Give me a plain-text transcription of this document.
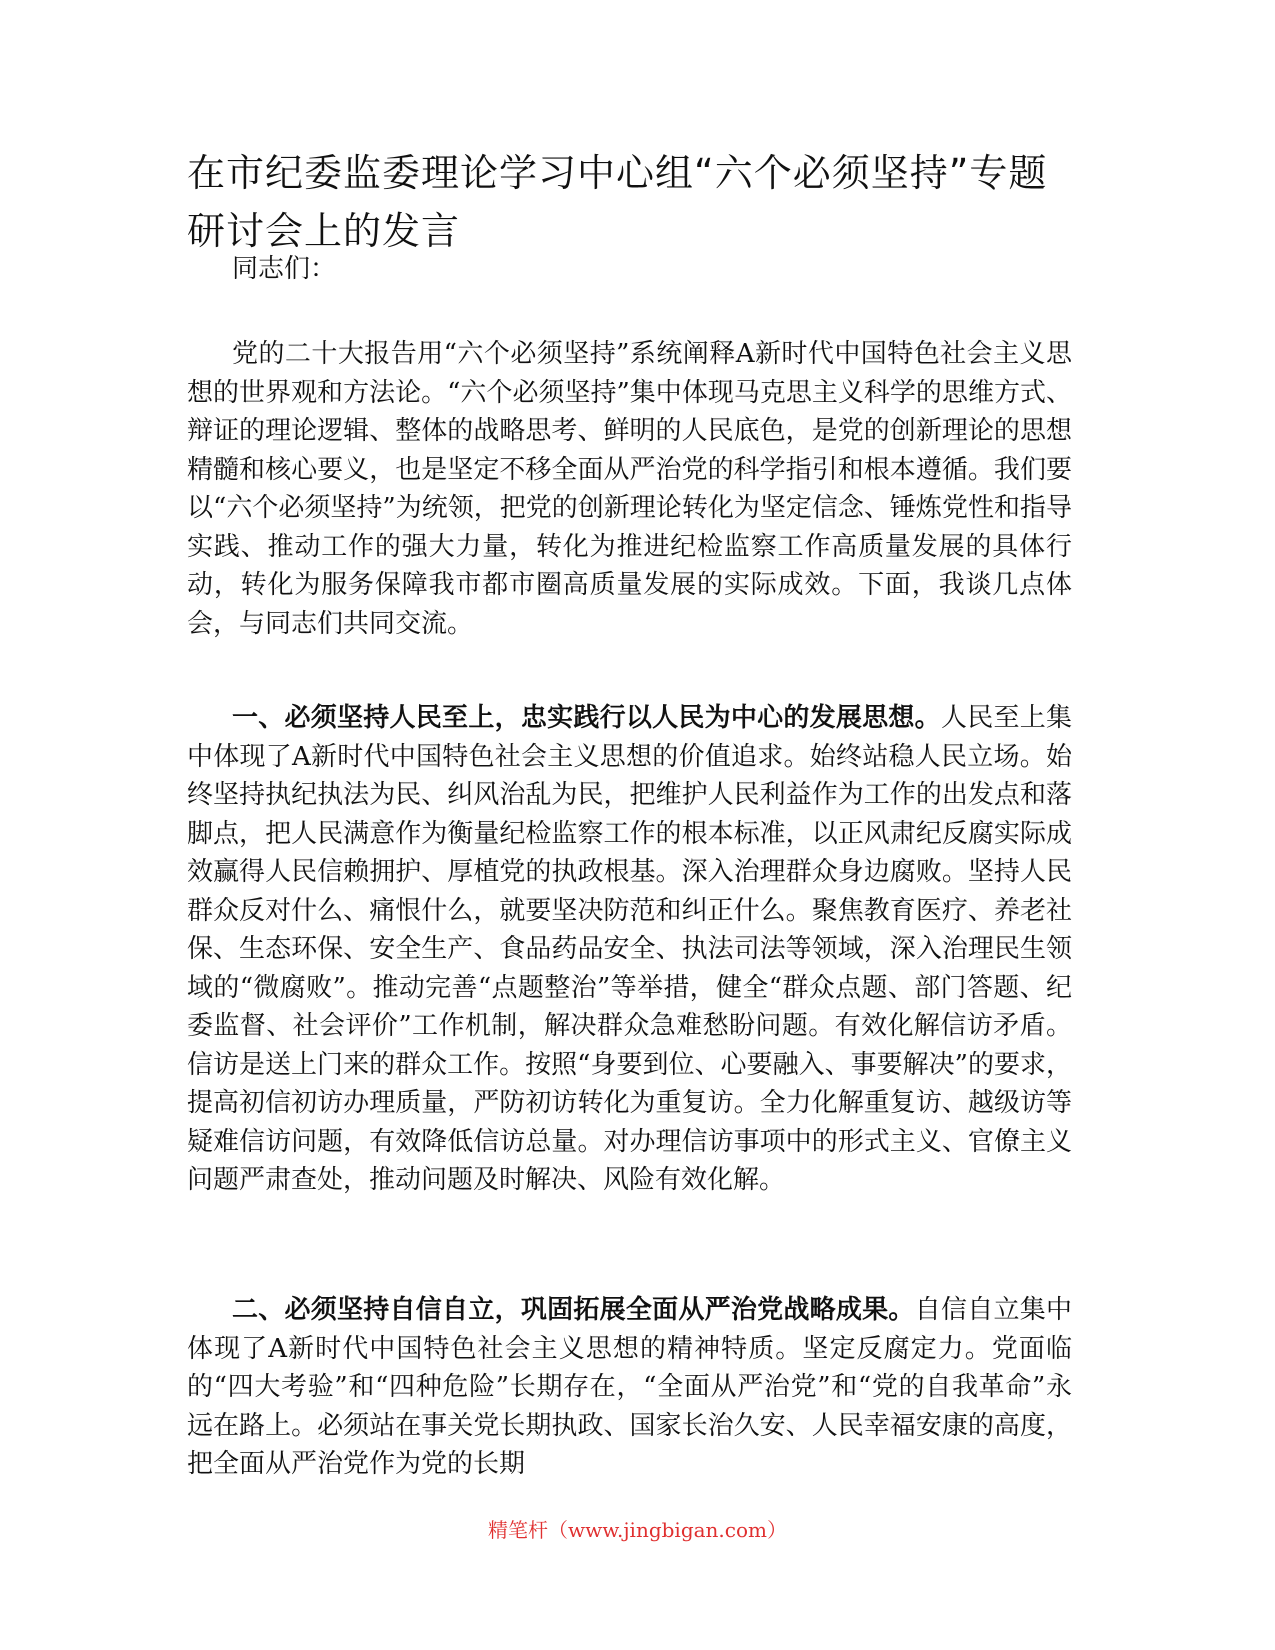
在市纪委监委理论学习中心组“六个必须坚持”专题研讨会上的发言

同志们：

党的二十大报告用“六个必须坚持”系统阐释A新时代中国特色社会主义思想的世界观和方法论。“六个必须坚持”集中体现马克思主义科学的思维方式、辩证的理论逻辑、整体的战略思考、鲜明的人民底色，是党的创新理论的思想精髓和核心要义，也是坚定不移全面从严治党的科学指引和根本遵循。我们要以“六个必须坚持”为统领，把党的创新理论转化为坚定信念、锤炼党性和指导实践、推动工作的强大力量，转化为推进纪检监察工作高质量发展的具体行动，转化为服务保障我市都市圈高质量发展的实际成效。下面，我谈几点体会，与同志们共同交流。

一、必须坚持人民至上，忠实践行以人民为中心的发展思想。人民至上集中体现了A新时代中国特色社会主义思想的价值追求。始终站稳人民立场。始终坚持执纪执法为民、纠风治乱为民，把维护人民利益作为工作的出发点和落脚点，把人民满意作为衡量纪检监察工作的根本标准，以正风肃纪反腐实际成效赢得人民信赖拥护、厚植党的执政根基。深入治理群众身边腐败。坚持人民群众反对什么、痛恨什么，就要坚决防范和纠正什么。聚焦教育医疗、养老社保、生态环保、安全生产、食品药品安全、执法司法等领域，深入治理民生领域的“微腐败”。推动完善“点题整治”等举措，健全“群众点题、部门答题、纪委监督、社会评价”工作机制，解决群众急难愁盼问题。有效化解信访矛盾。信访是送上门来的群众工作。按照“身要到位、心要融入、事要解决”的要求，提高初信初访办理质量，严防初访转化为重复访。全力化解重复访、越级访等疑难信访问题，有效降低信访总量。对办理信访事项中的形式主义、官僚主义问题严肃查处，推动问题及时解决、风险有效化解。

二、必须坚持自信自立，巩固拓展全面从严治党战略成果。自信自立集中体现了A新时代中国特色社会主义思想的精神特质。坚定反腐定力。党面临的“四大考验”和“四种危险”长期存在，“全面从严治党”和“党的自我革命”永远在路上。必须站在事关党长期执政、国家长治久安、人民幸福安康的高度，把全面从严治党作为党的长期

精笔杆（www.jingbigan.com）
